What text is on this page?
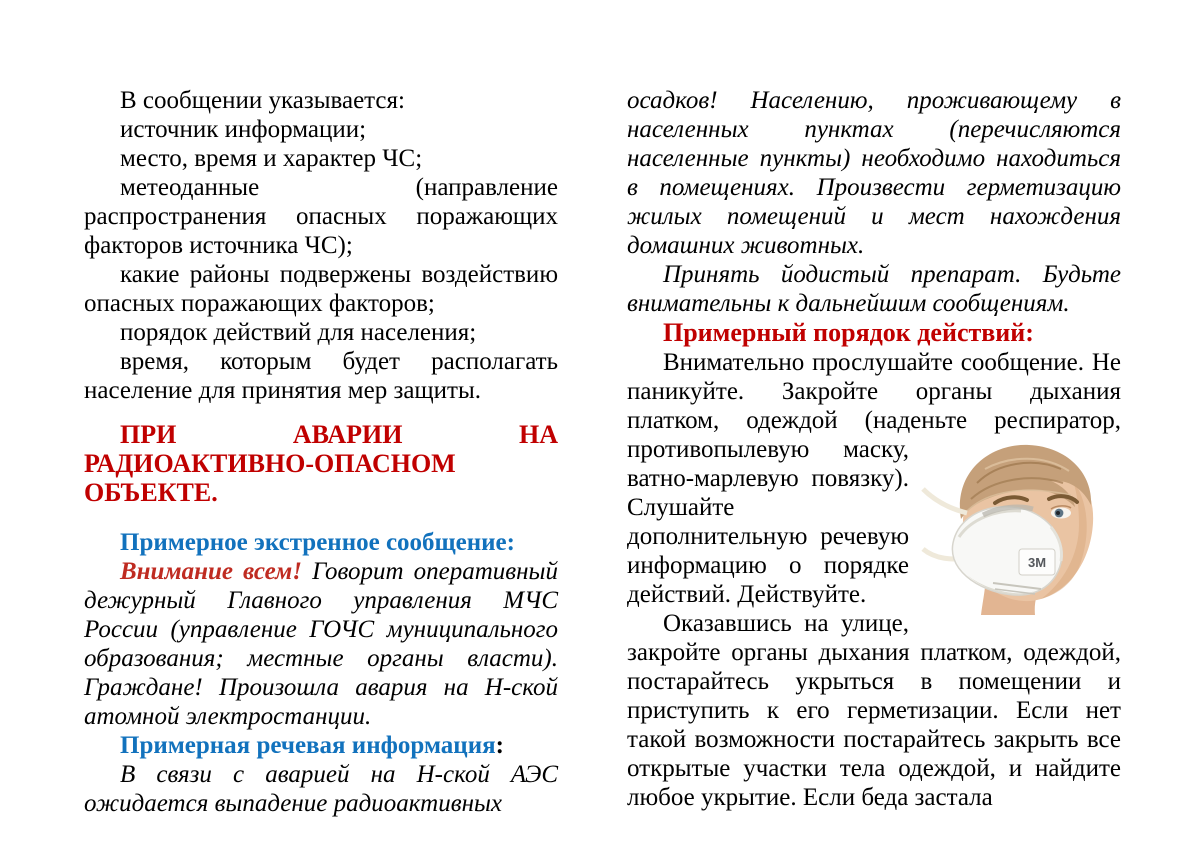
В сообщении указывается:

источник информации;

место, время и характер ЧС;

метеоданные (направление распространения опасных поражающих факторов источника ЧС);

какие районы подвержены воздействию опасных поражающих факторов;

порядок действий для населения;

время, которым будет располагать население для принятия мер защиты.

ПРИ АВАРИИ НА РАДИОАКТИВНО-ОПАСНОМ ОБЪЕКТЕ.

Примерное экстренное сообщение:

Внимание всем! Говорит оперативный дежурный Главного управления МЧС России (управление ГОЧС муниципального образования; местные органы власти). Граждане! Произошла авария на Н-ской атомной электростанции.

Примерная речевая информация:

В связи с аварией на Н-ской АЭС ожидается выпадение радиоактивных

осадков! Населению, проживающему в населенных пунктах (перечисляются населенные пункты) необходимо находиться в помещениях. Произвести герметизацию жилых помещений и мест нахождения домашних животных.

Принять йодистый препарат. Будьте внимательны к дальнейшим сообщениям.

Примерный порядок действий:

Внимательно прослушайте сообщение. Не паникуйте. Закройте органы дыхания платком, одеждой (наденьте респиратор,
3M
противопылевую маску, ватно-марлевую повязку). Слушайте дополнительную речевую информацию о порядке действий. Действуйте.

Оказавшись на улице, закройте органы дыхания платком, одеждой, постарайтесь укрыться в помещении и приступить к его герметизации. Если нет такой возможности постарайтесь закрыть все открытые участки тела одеждой, и найдите любое укрытие. Если беда застала
